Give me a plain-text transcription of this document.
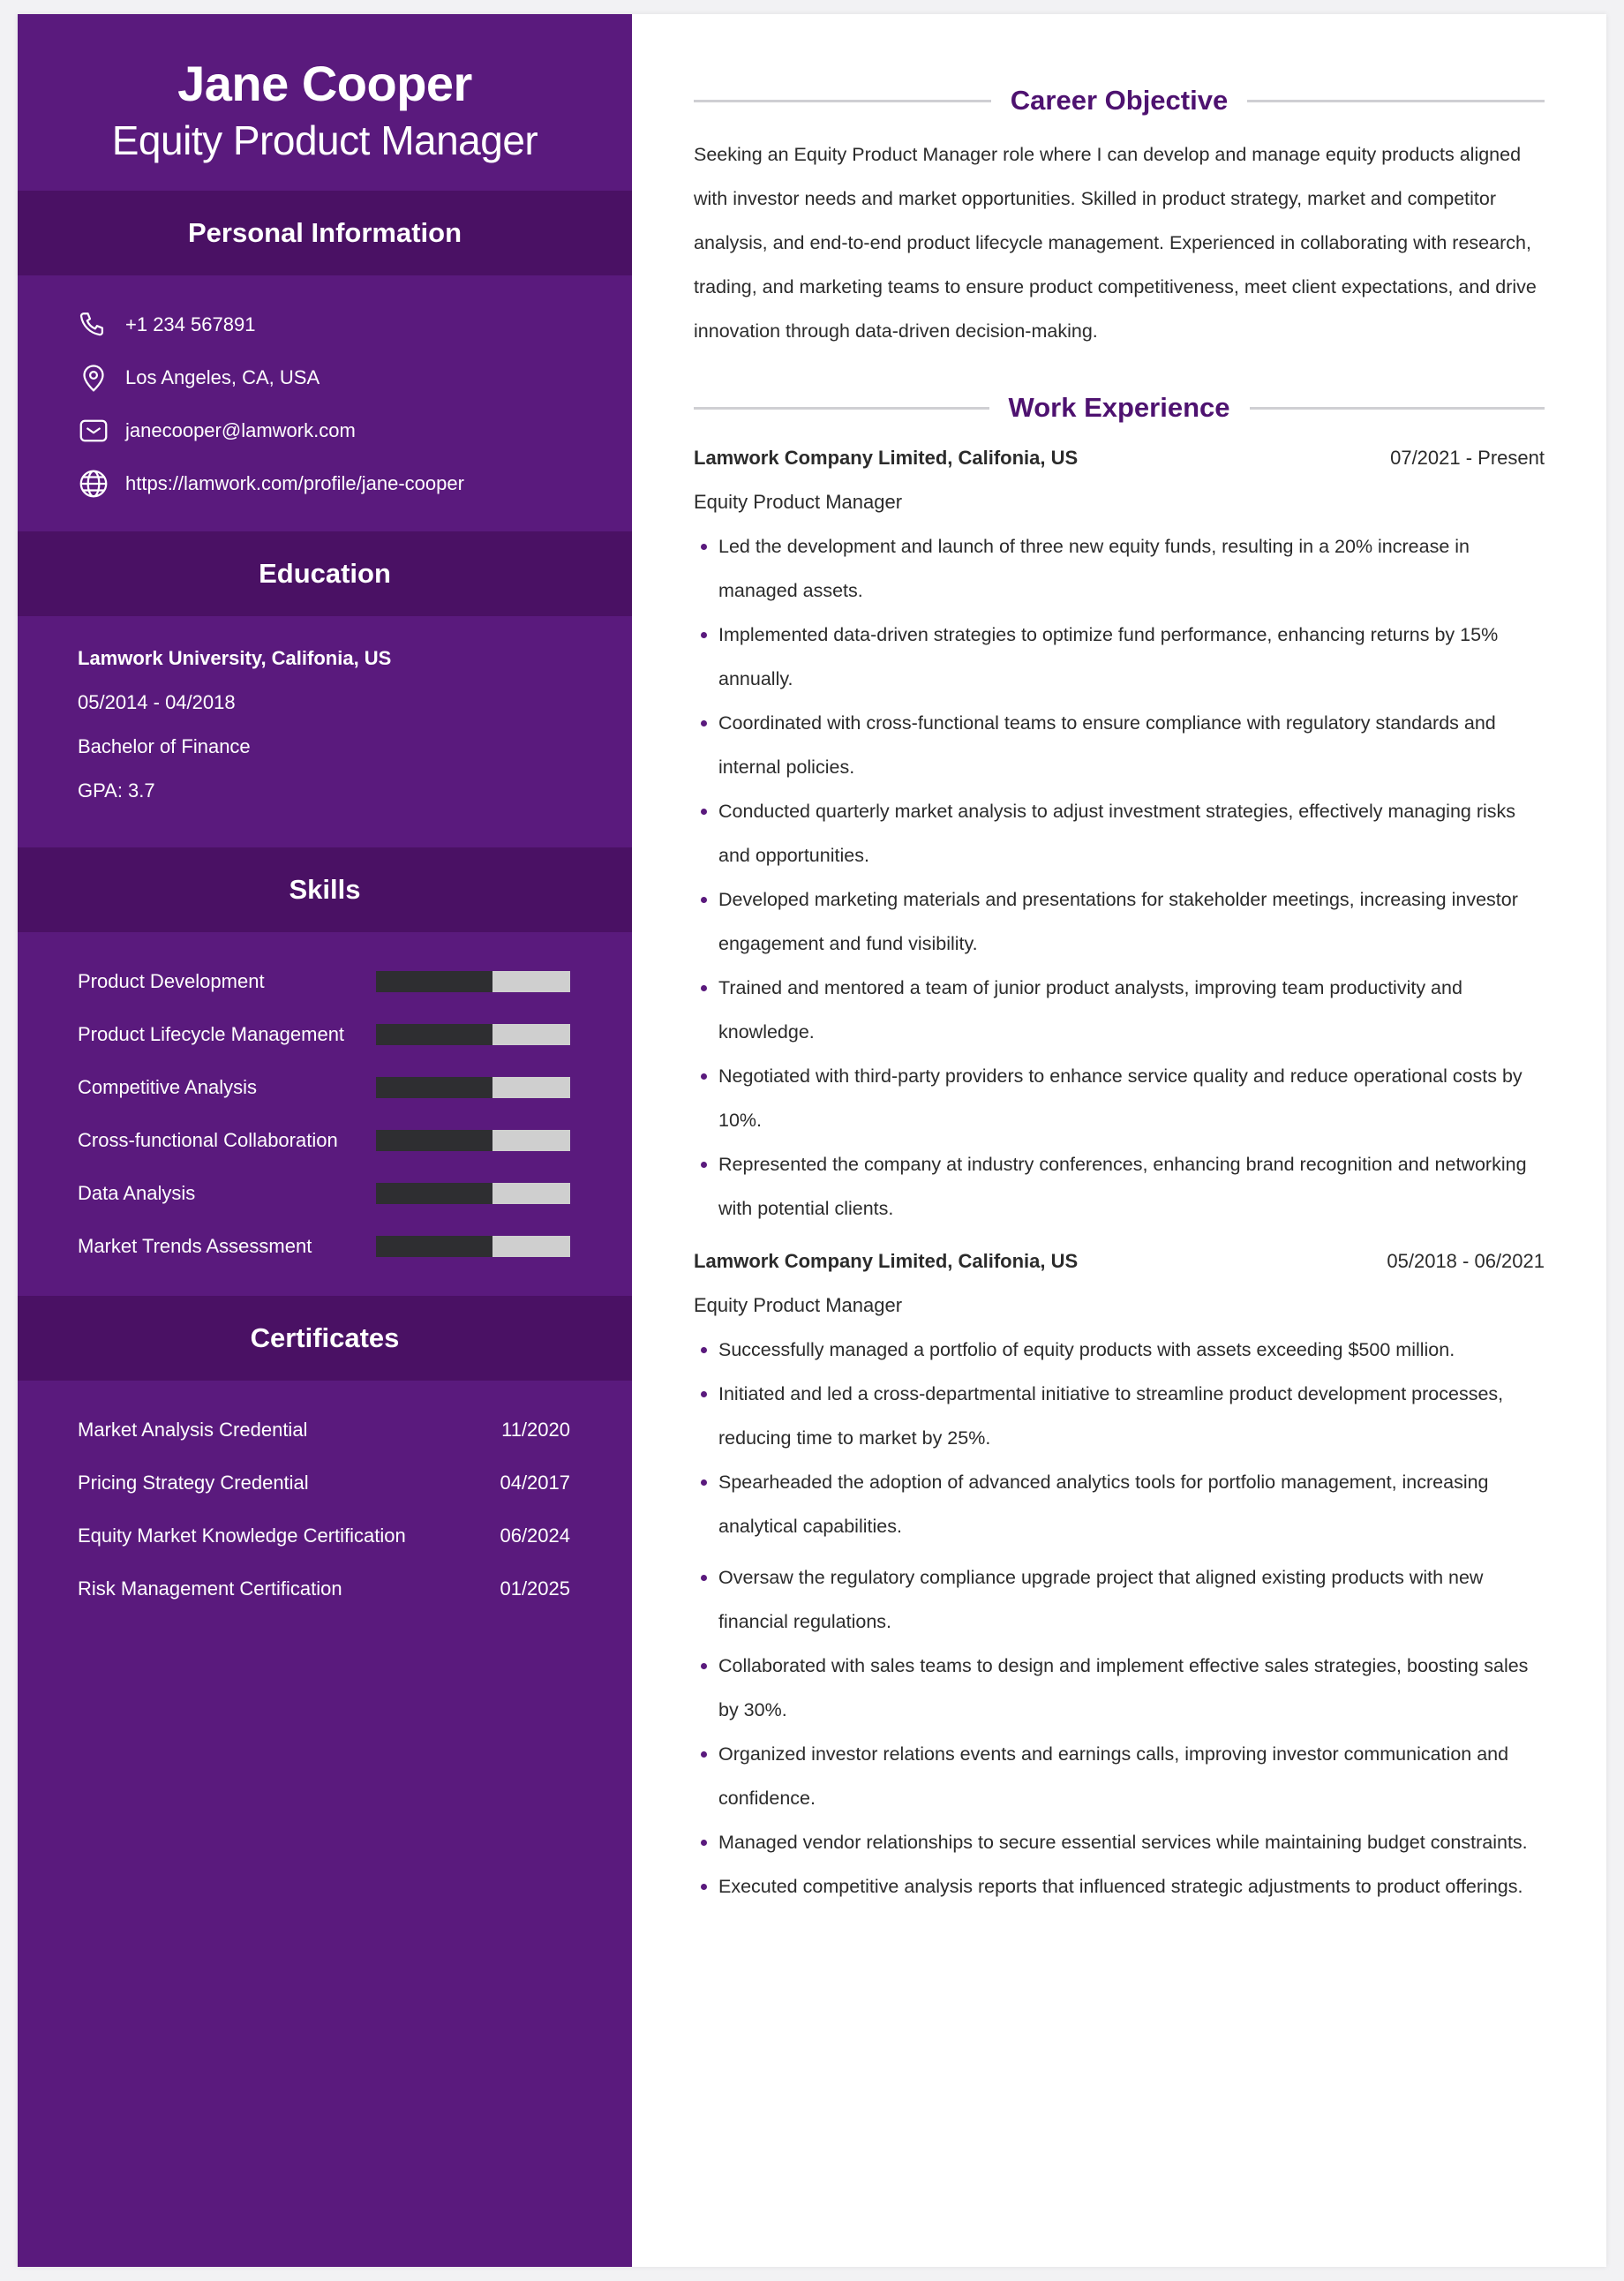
Jane Cooper
Equity Product Manager
Personal Information
+1 234 567891
Los Angeles, CA, USA
janecooper@lamwork.com
https://lamwork.com/profile/jane-cooper
Education
Lamwork University, Califonia, US
05/2014 - 04/2018
Bachelor of Finance
GPA: 3.7
Skills
Product Development
Product Lifecycle Management
Competitive Analysis
Cross-functional Collaboration
Data Analysis
Market Trends Assessment
Certificates
Market Analysis Credential	11/2020
Pricing Strategy Credential	04/2017
Equity Market Knowledge Certification	06/2024
Risk Management Certification	01/2025
Career Objective

Seeking an Equity Product Manager role where I can develop and manage equity products aligned with investor needs and market opportunities. Skilled in product strategy, market and competitor analysis, and end-to-end product lifecycle management. Experienced in collaborating with research, trading, and marketing teams to ensure product competitiveness, meet client expectations, and drive innovation through data-driven decision-making.

Work Experience
Lamwork Company Limited, Califonia, US	07/2021 - Present
Equity Product Manager
Led the development and launch of three new equity funds, resulting in a 20% increase in managed assets.
Implemented data-driven strategies to optimize fund performance, enhancing returns by 15% annually.
Coordinated with cross-functional teams to ensure compliance with regulatory standards and internal policies.
Conducted quarterly market analysis to adjust investment strategies, effectively managing risks and opportunities.
Developed marketing materials and presentations for stakeholder meetings, increasing investor engagement and fund visibility.
Trained and mentored a team of junior product analysts, improving team productivity and knowledge.
Negotiated with third-party providers to enhance service quality and reduce operational costs by 10%.
Represented the company at industry conferences, enhancing brand recognition and networking with potential clients.
Lamwork Company Limited, Califonia, US	05/2018 - 06/2021
Equity Product Manager
Successfully managed a portfolio of equity products with assets exceeding $500 million.
Initiated and led a cross-departmental initiative to streamline product development processes, reducing time to market by 25%.
Spearheaded the adoption of advanced analytics tools for portfolio management, increasing analytical capabilities.
Oversaw the regulatory compliance upgrade project that aligned existing products with new financial regulations.
Collaborated with sales teams to design and implement effective sales strategies, boosting sales by 30%.
Organized investor relations events and earnings calls, improving investor communication and confidence.
Managed vendor relationships to secure essential services while maintaining budget constraints.
Executed competitive analysis reports that influenced strategic adjustments to product offerings.
